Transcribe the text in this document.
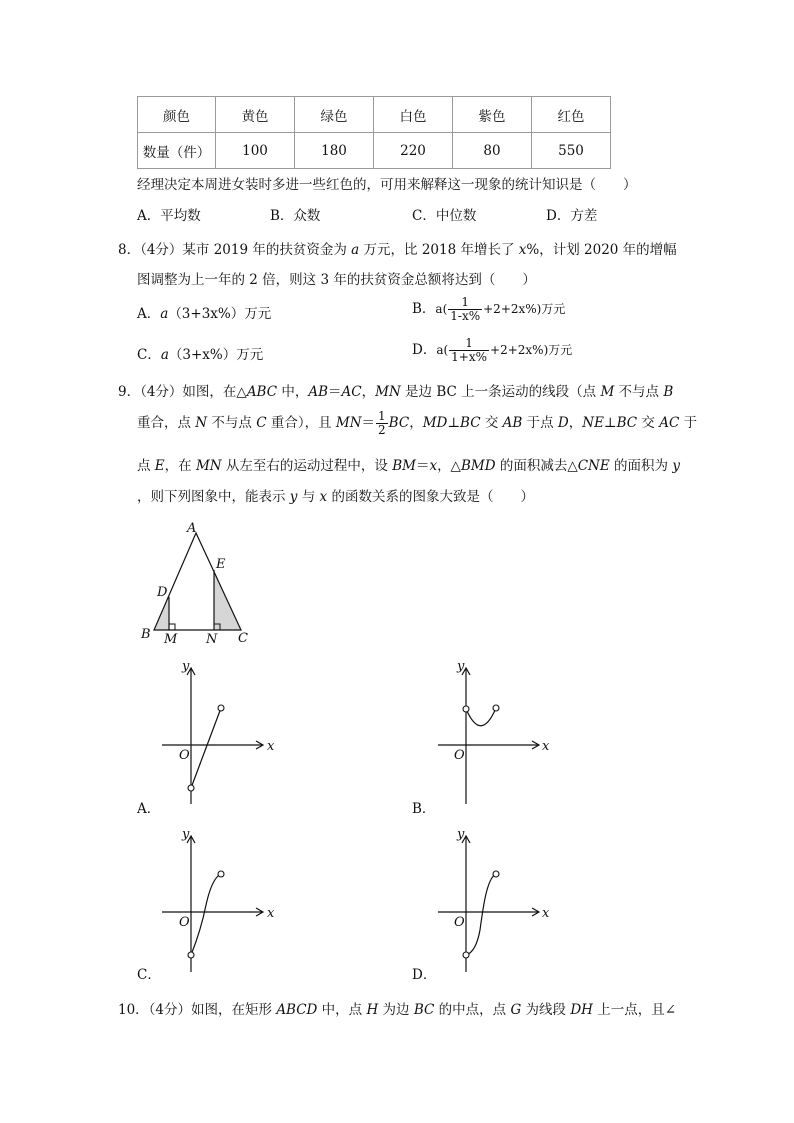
颜色	黄色	绿色	白色	紫色	红色
数量（件）	100	180	220	80	550
经理决定本周进女装时多进一些红色的，可用来解释这一现象的统计知识是（　　）
A．平均数	B．众数	C．中位数	D．方差
8．（4分）某市 2019 年的扶贫资金为 a 万元，比 2018 年增长了 x%，计划 2020 年的增幅
图调整为上一年的 2 倍，则这 3 年的扶贫资金总额将达到（　　）
A．a（3+3x%）万元	B．$a( \frac{1}{1-x\%} +2+2x\%)$万元
C．a（3+x%）万元	D．$a( \frac{1}{1+x\%} +2+2x\%)$万元
9．（4分）如图，在△ABC 中，AB＝AC，MN 是边 BC 上一条运动的线段（点 M 不与点 B
重合，点 N 不与点 C 重合），且 $MN= \frac{1}{2}$ BC，MD⊥BC 交 AB 于点 D，NE⊥BC 交 AC 于
点 E，在 MN 从左至右的运动过程中，设 BM＝x，△BMD 的面积减去△CNE 的面积为 y
，则下列图象中，能表示 y 与 x 的函数关系的图象大致是（　　）
A
B	C
D
E
M N
y
x
O
A．
y
x
O
B．
y
x
O
C．
y
x
O
D．
10．（4分）如图，在矩形 ABCD 中，点 H 为边 BC 的中点，点 G 为线段 DH 上一点，且∠
